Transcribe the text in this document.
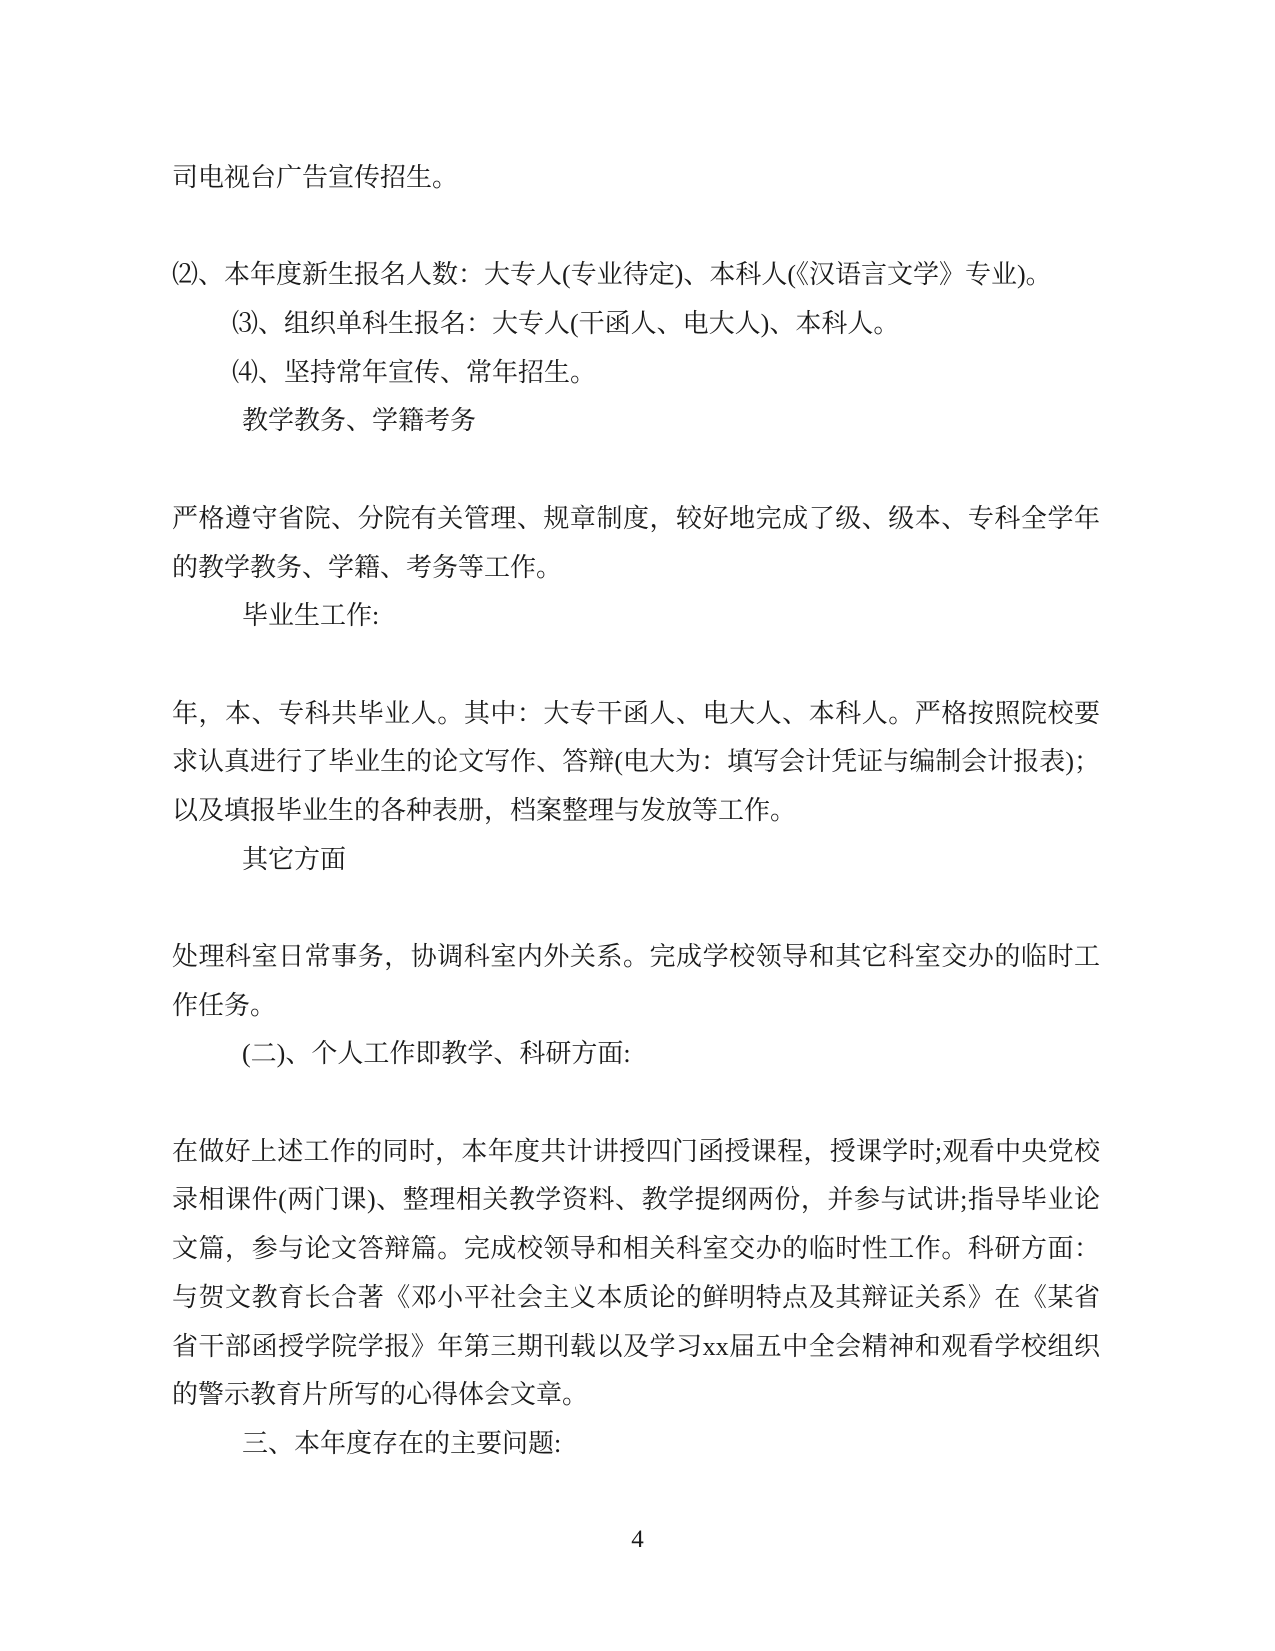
司电视台广告宣传招生。
⑵、本年度新生报名人数：大专人(专业待定)、本科人(《汉语言文学》专业)。
⑶、组织单科生报名：大专人(干函人、电大人)、本科人。
⑷、坚持常年宣传、常年招生。
教学教务、学籍考务
严格遵守省院、分院有关管理、规章制度，较好地完成了级、级本、专科全学年
的教学教务、学籍、考务等工作。
毕业生工作:
年，本、专科共毕业人。其中：大专干函人、电大人、本科人。严格按照院校要
求认真进行了毕业生的论文写作、答辩(电大为：填写会计凭证与编制会计报表)；
以及填报毕业生的各种表册，档案整理与发放等工作。
其它方面
处理科室日常事务，协调科室内外关系。完成学校领导和其它科室交办的临时工
作任务。
(二)、个人工作即教学、科研方面:
在做好上述工作的同时，本年度共计讲授四门函授课程，授课学时;观看中央党校
录相课件(两门课)、整理相关教学资料、教学提纲两份，并参与试讲;指导毕业论
文篇，参与论文答辩篇。完成校领导和相关科室交办的临时性工作。科研方面：
与贺文教育长合著《邓小平社会主义本质论的鲜明特点及其辩证关系》在《某省
省干部函授学院学报》年第三期刊载以及学习xx届五中全会精神和观看学校组织
的警示教育片所写的心得体会文章。
三、本年度存在的主要问题:
4
